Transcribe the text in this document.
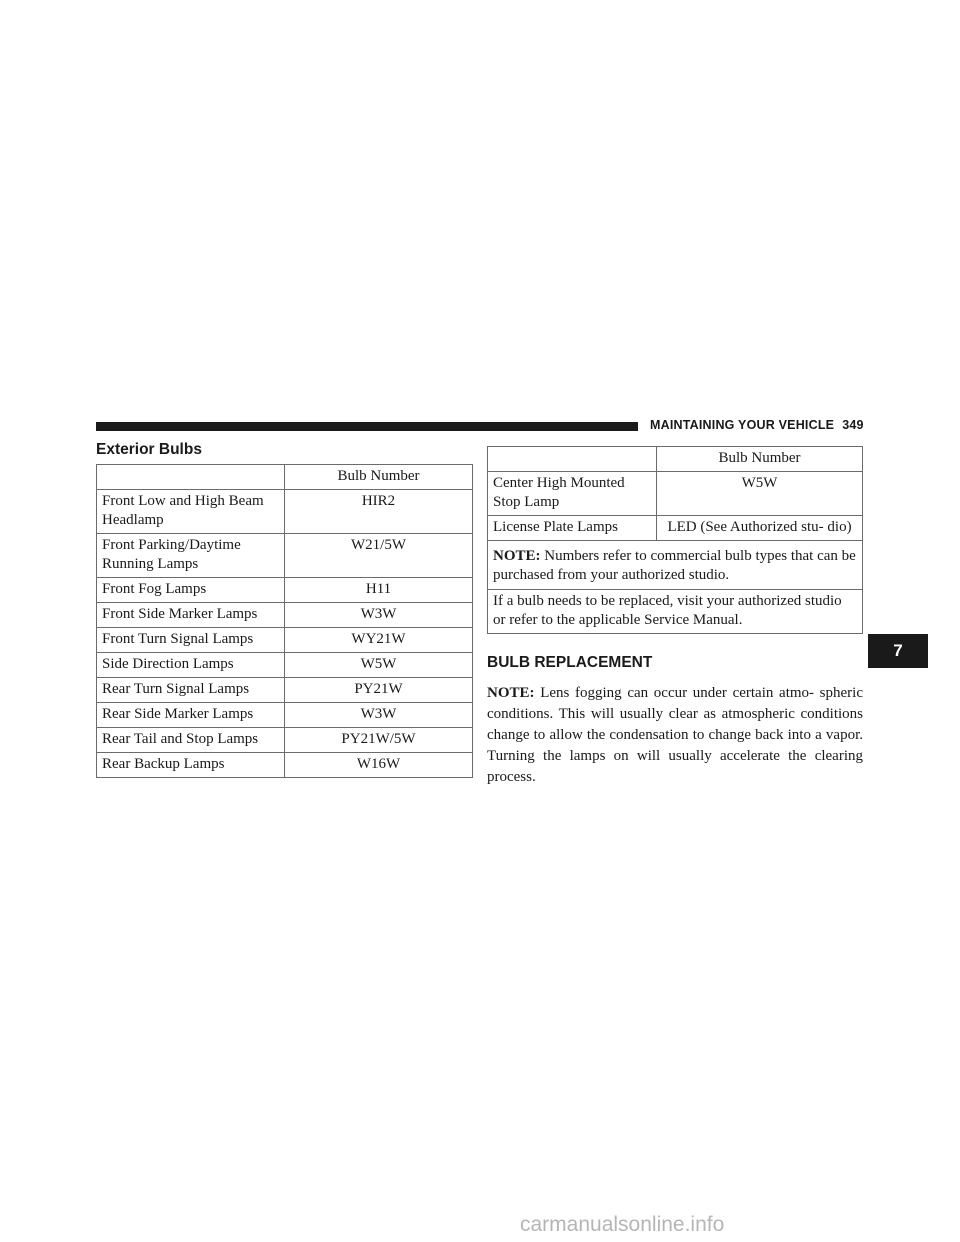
MAINTAINING YOUR VEHICLE 349
Exterior Bulbs
	Bulb Number
Front Low and High Beam Headlamp	HIR2
Front Parking/Daytime Running Lamps	W21/5W
Front Fog Lamps	H11
Front Side Marker Lamps	W3W
Front Turn Signal Lamps	WY21W
Side Direction Lamps	W5W
Rear Turn Signal Lamps	PY21W
Rear Side Marker Lamps	W3W
Rear Tail and Stop Lamps	PY21W/5W
Rear Backup Lamps	W16W
	Bulb Number
Center High Mounted Stop Lamp	W5W
License Plate Lamps	LED (See Authorized stu- dio)
NOTE: Numbers refer to commercial bulb types that can be purchased from your authorized studio.	
If a bulb needs to be replaced, visit your authorized studio or refer to the applicable Service Manual.	
BULB REPLACEMENT

NOTE: Lens fogging can occur under certain atmo- spheric conditions. This will usually clear as atmospheric conditions change to allow the condensation to change back into a vapor. Turning the lamps on will usually accelerate the clearing process.

7
carmanualsonline.info
